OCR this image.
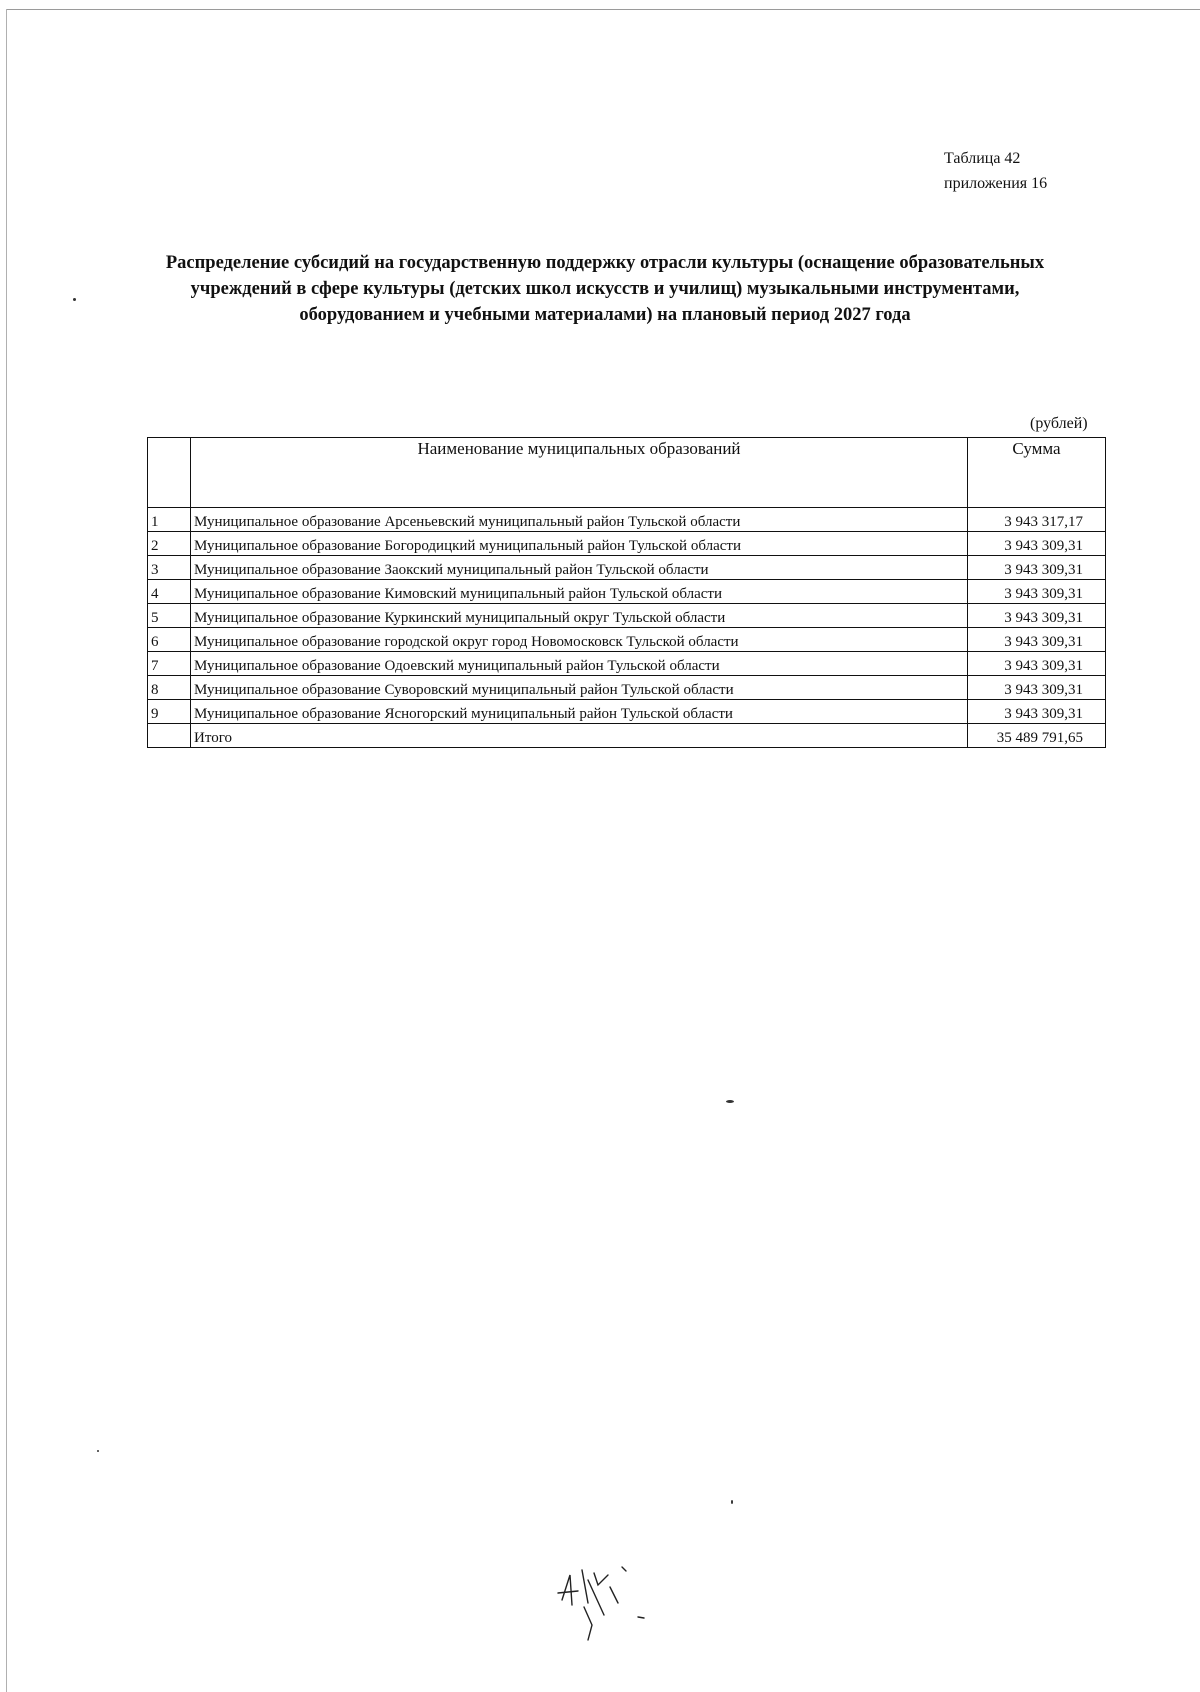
Таблица 42
приложения 16
Распределение субсидий на государственную поддержку отрасли культуры (оснащение образовательных учреждений в сфере культуры (детских школ искусств и училищ) музыкальными инструментами, оборудованием и учебными материалами) на плановый период 2027 года
(рублей)
	Наименование муниципальных образований	Сумма
1	Муниципальное образование Арсеньевский муниципальный район Тульской области	3 943 317,17
2	Муниципальное образование Богородицкий муниципальный район Тульской области	3 943 309,31
3	Муниципальное образование Заокский муниципальный район Тульской области	3 943 309,31
4	Муниципальное образование Кимовский муниципальный район Тульской области	3 943 309,31
5	Муниципальное образование Куркинский муниципальный округ Тульской области	3 943 309,31
6	Муниципальное образование городской округ город Новомосковск Тульской области	3 943 309,31
7	Муниципальное образование Одоевский муниципальный район Тульской области	3 943 309,31
8	Муниципальное образование Суворовский муниципальный район Тульской области	3 943 309,31
9	Муниципальное образование Ясногорский муниципальный район Тульской области	3 943 309,31
	Итого	35 489 791,65
